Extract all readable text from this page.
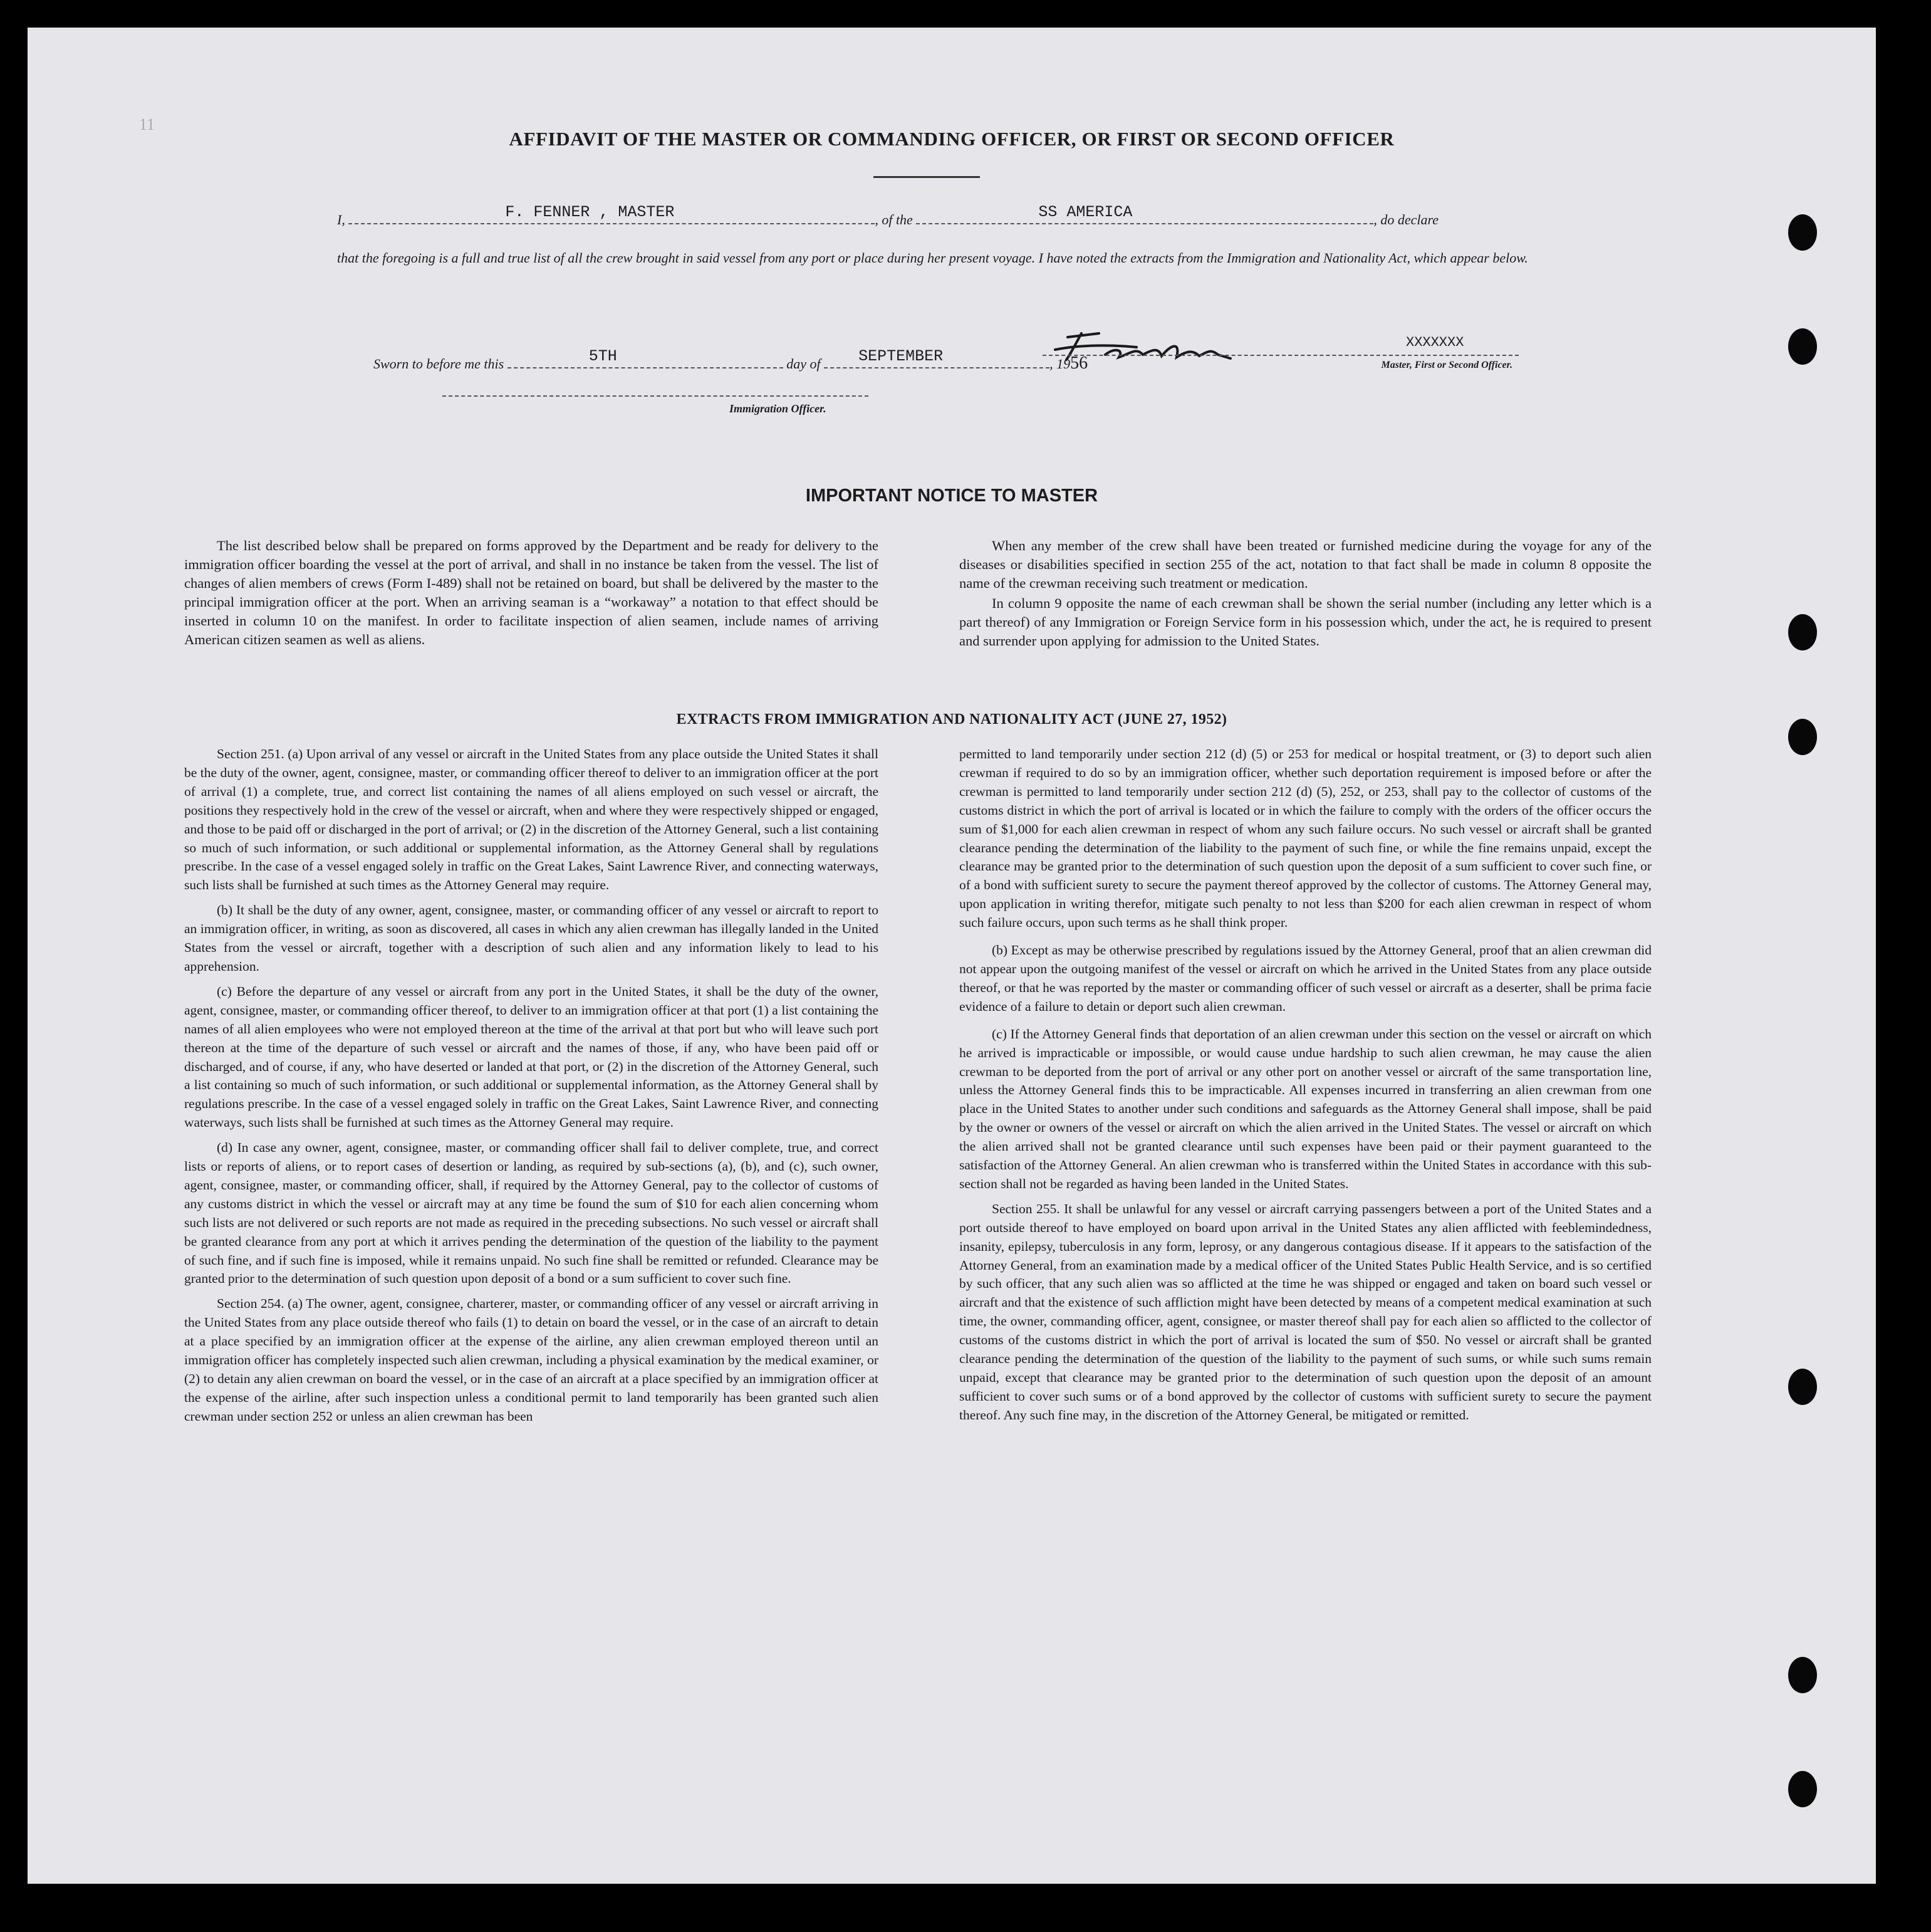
11
AFFIDAVIT OF THE MASTER OR COMMANDING OFFICER, OR FIRST OR SECOND OFFICER
I,	F. FENNER , MASTER	, of the	SS AMERICA	, do declare
that the foregoing is a full and true list of all the crew brought in said vessel from any port or place during her present voyage. I have noted the extracts from the Immigration and Nationality Act, which appear below.
XXXXXXX
Master, First or Second Officer.
Sworn to before me this	5TH	day of SEPTEMBER	, 1956
Immigration Officer.
IMPORTANT NOTICE TO MASTER

The list described below shall be prepared on forms approved by the Department and be ready for delivery to the immigration officer boarding the vessel at the port of arrival, and shall in no instance be taken from the vessel. The list of changes of alien members of crews (Form I-489) shall not be retained on board, but shall be delivered by the master to the principal immigration officer at the port. When an arriving seaman is a “workaway” a notation to that effect should be inserted in column 10 on the manifest. In order to facilitate inspection of alien seamen, include names of arriving American citizen seamen as well as aliens.

When any member of the crew shall have been treated or furnished medicine during the voyage for any of the diseases or disabilities specified in section 255 of the act, notation to that fact shall be made in column 8 opposite the name of the crewman receiving such treatment or medication.

In column 9 opposite the name of each crewman shall be shown the serial number (including any letter which is a part thereof) of any Immigration or Foreign Service form in his possession which, under the act, he is required to present and surrender upon applying for admission to the United States.

EXTRACTS FROM IMMIGRATION AND NATIONALITY ACT (JUNE 27, 1952)

Section 251. (a) Upon arrival of any vessel or aircraft in the United States from any place outside the United States it shall be the duty of the owner, agent, consignee, master, or commanding officer thereof to deliver to an immigration officer at the port of arrival (1) a complete, true, and correct list containing the names of all aliens employed on such vessel or aircraft, the positions they respectively hold in the crew of the vessel or aircraft, when and where they were respectively shipped or engaged, and those to be paid off or discharged in the port of arrival; or (2) in the discretion of the Attorney General, such a list containing so much of such information, or such additional or supplemental information, as the Attorney General shall by regulations prescribe. In the case of a vessel engaged solely in traffic on the Great Lakes, Saint Lawrence River, and connecting waterways, such lists shall be furnished at such times as the Attorney General may require.

(b) It shall be the duty of any owner, agent, consignee, master, or commanding officer of any vessel or aircraft to report to an immigration officer, in writing, as soon as discovered, all cases in which any alien crewman has illegally landed in the United States from the vessel or aircraft, together with a description of such alien and any information likely to lead to his apprehension.

(c) Before the departure of any vessel or aircraft from any port in the United States, it shall be the duty of the owner, agent, consignee, master, or commanding officer thereof, to deliver to an immigration officer at that port (1) a list containing the names of all alien employees who were not employed thereon at the time of the arrival at that port but who will leave such port thereon at the time of the departure of such vessel or aircraft and the names of those, if any, who have been paid off or discharged, and of course, if any, who have deserted or landed at that port, or (2) in the discretion of the Attorney General, such a list containing so much of such information, or such additional or supplemental information, as the Attorney General shall by regulations prescribe. In the case of a vessel engaged solely in traffic on the Great Lakes, Saint Lawrence River, and connecting waterways, such lists shall be furnished at such times as the Attorney General may require.

(d) In case any owner, agent, consignee, master, or commanding officer shall fail to deliver complete, true, and correct lists or reports of aliens, or to report cases of desertion or landing, as required by sub-sections (a), (b), and (c), such owner, agent, consignee, master, or commanding officer, shall, if required by the Attorney General, pay to the collector of customs of any customs district in which the vessel or aircraft may at any time be found the sum of $10 for each alien concerning whom such lists are not delivered or such reports are not made as required in the preceding subsections. No such vessel or aircraft shall be granted clearance from any port at which it arrives pending the determination of the question of the liability to the payment of such fine, and if such fine is imposed, while it remains unpaid. No such fine shall be remitted or refunded. Clearance may be granted prior to the determination of such question upon deposit of a bond or a sum sufficient to cover such fine.

Section 254. (a) The owner, agent, consignee, charterer, master, or commanding officer of any vessel or aircraft arriving in the United States from any place outside thereof who fails (1) to detain on board the vessel, or in the case of an aircraft to detain at a place specified by an immigration officer at the expense of the airline, any alien crewman employed thereon until an immigration officer has completely inspected such alien crewman, including a physical examination by the medical examiner, or (2) to detain any alien crewman on board the vessel, or in the case of an aircraft at a place specified by an immigration officer at the expense of the airline, after such inspection unless a conditional permit to land temporarily has been granted such alien crewman under section 252 or unless an alien crewman has been

permitted to land temporarily under section 212 (d) (5) or 253 for medical or hospital treatment, or (3) to deport such alien crewman if required to do so by an immigration officer, whether such deportation requirement is imposed before or after the crewman is permitted to land temporarily under section 212 (d) (5), 252, or 253, shall pay to the collector of customs of the customs district in which the port of arrival is located or in which the failure to comply with the orders of the officer occurs the sum of $1,000 for each alien crewman in respect of whom any such failure occurs. No such vessel or aircraft shall be granted clearance pending the determination of the liability to the payment of such fine, or while the fine remains unpaid, except the clearance may be granted prior to the determination of such question upon the deposit of a sum sufficient to cover such fine, or of a bond with sufficient surety to secure the payment thereof approved by the collector of customs. The Attorney General may, upon application in writing therefor, mitigate such penalty to not less than $200 for each alien crewman in respect of whom such failure occurs, upon such terms as he shall think proper.

(b) Except as may be otherwise prescribed by regulations issued by the Attorney General, proof that an alien crewman did not appear upon the outgoing manifest of the vessel or aircraft on which he arrived in the United States from any place outside thereof, or that he was reported by the master or commanding officer of such vessel or aircraft as a deserter, shall be prima facie evidence of a failure to detain or deport such alien crewman.

(c) If the Attorney General finds that deportation of an alien crewman under this section on the vessel or aircraft on which he arrived is impracticable or impossible, or would cause undue hardship to such alien crewman, he may cause the alien crewman to be deported from the port of arrival or any other port on another vessel or aircraft of the same transportation line, unless the Attorney General finds this to be impracticable. All expenses incurred in transferring an alien crewman from one place in the United States to another under such conditions and safeguards as the Attorney General shall impose, shall be paid by the owner or owners of the vessel or aircraft on which the alien arrived in the United States. The vessel or aircraft on which the alien arrived shall not be granted clearance until such expenses have been paid or their payment guaranteed to the satisfaction of the Attorney General. An alien crewman who is transferred within the United States in accordance with this sub-section shall not be regarded as having been landed in the United States.

Section 255. It shall be unlawful for any vessel or aircraft carrying passengers between a port of the United States and a port outside thereof to have employed on board upon arrival in the United States any alien afflicted with feeblemindedness, insanity, epilepsy, tuberculosis in any form, leprosy, or any dangerous contagious disease. If it appears to the satisfaction of the Attorney General, from an examination made by a medical officer of the United States Public Health Service, and is so certified by such officer, that any such alien was so afflicted at the time he was shipped or engaged and taken on board such vessel or aircraft and that the existence of such affliction might have been detected by means of a competent medical examination at such time, the owner, commanding officer, agent, consignee, or master thereof shall pay for each alien so afflicted to the collector of customs of the customs district in which the port of arrival is located the sum of $50. No vessel or aircraft shall be granted clearance pending the determination of the question of the liability to the payment of such sums, or while such sums remain unpaid, except that clearance may be granted prior to the determination of such question upon the deposit of an amount sufficient to cover such sums or of a bond approved by the collector of customs with sufficient surety to secure the payment thereof. Any such fine may, in the discretion of the Attorney General, be mitigated or remitted.
